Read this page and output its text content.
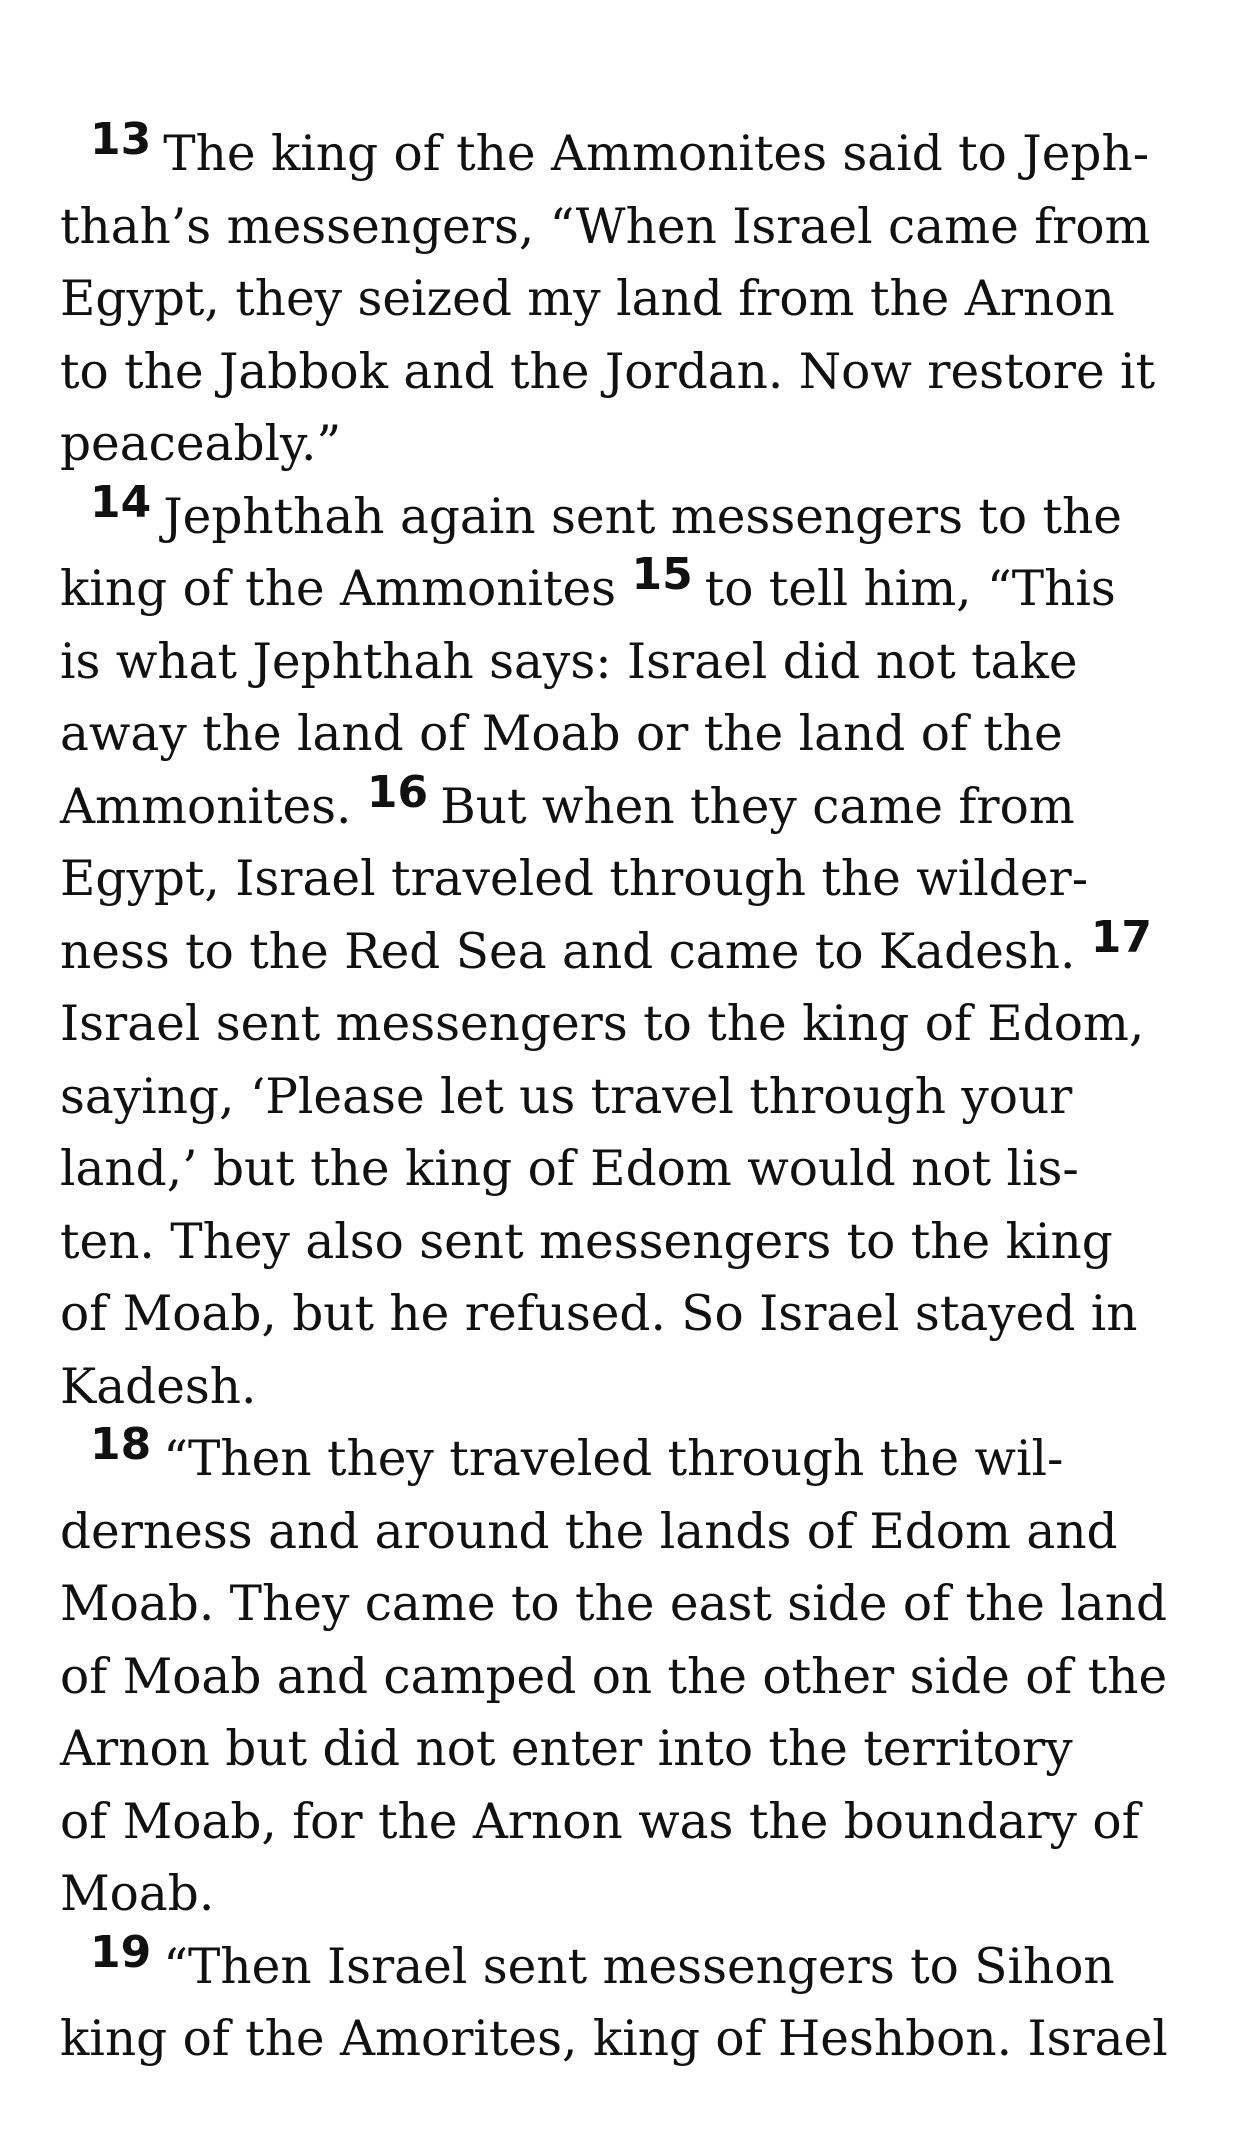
13 The king of the Ammonites said to Jeph-
thah’s messengers, “When Israel came from
Egypt, they seized my land from the Arnon
to the Jabbok and the Jordan. Now restore it
peaceably.”
14 Jephthah again sent messengers to the
king of the Ammonites 15 to tell him, “This
is what Jephthah says: Israel did not take
away the land of Moab or the land of the
Ammonites. 16 But when they came from
Egypt, Israel traveled through the wilder-
ness to the Red Sea and came to Kadesh. 17
Israel sent messengers to the king of Edom,
saying, ‘Please let us travel through your
land,’ but the king of Edom would not lis-
ten. They also sent messengers to the king
of Moab, but he refused. So Israel stayed in
Kadesh.
18 “Then they traveled through the wil-
derness and around the lands of Edom and
Moab. They came to the east side of the land
of Moab and camped on the other side of the
Arnon but did not enter into the territory
of Moab, for the Arnon was the boundary of
Moab.
19 “Then Israel sent messengers to Sihon
king of the Amorites, king of Heshbon. Israel
